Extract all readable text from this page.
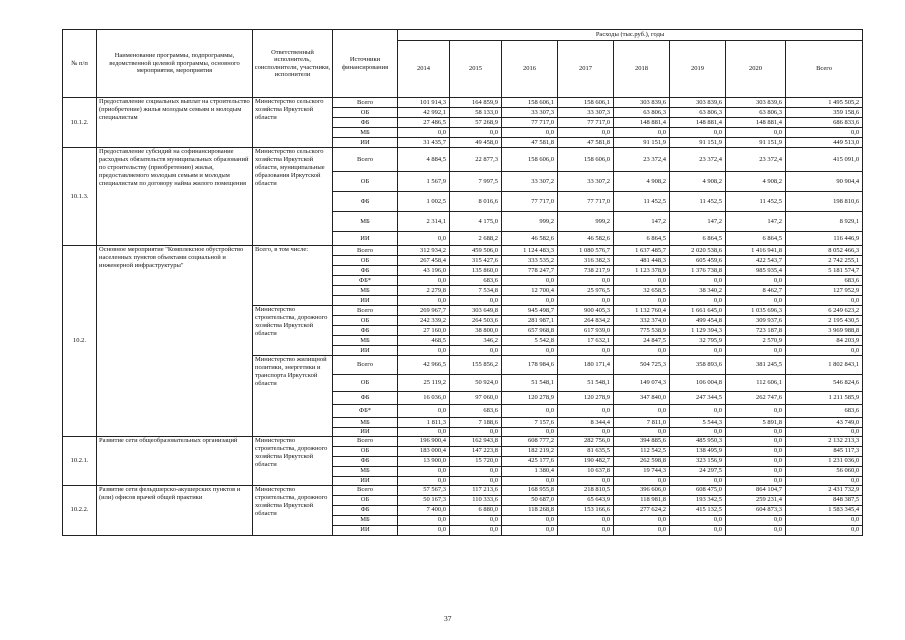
№ п/п	Наименование программы, подпрограммы, ведомственной целевой программы, основного мероприятия, мероприятия	Ответственный исполнитель, соисполнители, участники, исполнители	Источники финансирования	Расходы (тыс.руб.), годы							
				2014	2015	2016	2017	2018	2019	2020	Всего
10.1.2.	Предоставление социальных выплат на строительство (приобретение) жилья молодым семьям и молодым специалистам	Министерство сельского хозяйства Иркутской области	Всего	101 914,3	164 859,9	158 606,1	158 606,1	303 839,6	303 839,6	303 839,6	1 495 505,2
			ОБ	42 992,1	58 133,0	33 307,3	33 307,3	63 806,3	63 806,3	63 806,3	359 158,6
			ФБ	27 486,5	57 268,9	77 717,0	77 717,0	148 881,4	148 881,4	148 881,4	686 833,6
			МБ	0,0	0,0	0,0	0,0	0,0	0,0	0,0	0,0
			ИИ	31 435,7	49 458,0	47 581,8	47 581,8	91 151,9	91 151,9	91 151,9	449 513,0
10.1.3.	Предоставление субсидий на софинансирование расходных обязательств муниципальных образований по строительству (приобретению) жилья, предоставляемого молодым семьям и молодым специалистам по договору найма жилого помещения	Министерство сельского хозяйства Иркутской области, муниципальные образования Иркутской области	Всего	4 884,5	22 877,3	158 606,0	158 606,0	23 372,4	23 372,4	23 372,4	415 091,0
			ОБ	1 567,9	7 997,5	33 307,2	33 307,2	4 908,2	4 908,2	4 908,2	90 904,4
			ФБ	1 002,5	8 016,6	77 717,0	77 717,0	11 452,5	11 452,5	11 452,5	198 810,6
			МБ	2 314,1	4 175,0	999,2	999,2	147,2	147,2	147,2	8 929,1
			ИИ	0,0	2 688,2	46 582,6	46 582,6	6 864,5	6 864,5	6 864,5	116 446,9
10.2.	Основное мероприятие "Комплексное обустройство населенных пунктов объектами социальной и инженерной инфраструктуры"	Всего, в том числе:	Всего	312 934,2	459 506,0	1 124 483,3	1 080 576,7	1 637 485,7	2 020 538,6	1 416 941,8	8 052 466,3
			ОБ	267 458,4	315 427,6	333 535,2	316 382,3	481 448,3	605 459,6	422 543,7	2 742 255,1
			ФБ	43 196,0	135 860,0	778 247,7	738 217,9	1 123 378,9	1 376 738,8	985 935,4	5 181 574,7
			ФБ*	0,0	683,6	0,0	0,0	0,0	0,0	0,0	683,6
			МБ	2 279,8	7 534,8	12 700,4	25 976,5	32 658,5	38 340,2	8 462,7	127 952,9
			ИИ	0,0	0,0	0,0	0,0	0,0	0,0	0,0	0,0
		Министерство строительства, дорожного хозяйства Иркутской области	Всего	269 967,7	303 649,8	945 498,7	900 405,3	1 132 760,4	1 661 645,0	1 035 696,3	6 249 623,2
			ОБ	242 339,2	264 503,6	281 987,1	264 834,2	332 374,0	499 454,8	309 937,6	2 195 430,5
			ФБ	27 160,0	38 800,0	657 968,8	617 939,0	775 538,9	1 129 394,3	723 187,8	3 969 988,8
			МБ	468,5	346,2	5 542,8	17 632,1	24 847,5	32 795,9	2 570,9	84 203,9
			ИИ	0,0	0,0	0,0	0,0	0,0	0,0	0,0	0,0
		Министерство жилищной политики, энергетики и транспорта Иркутской области	Всего	42 966,5	155 856,2	178 984,6	180 171,4	504 725,3	358 893,6	381 245,5	1 802 843,1
			ОБ	25 119,2	50 924,0	51 548,1	51 548,1	149 074,3	106 004,8	112 606,1	546 824,6
			ФБ	16 036,0	97 060,0	120 278,9	120 278,9	347 840,0	247 344,5	262 747,6	1 211 585,9
			ФБ*	0,0	683,6	0,0	0,0	0,0	0,0	0,0	683,6
			МБ	1 811,3	7 188,6	7 157,6	8 344,4	7 811,0	5 544,3	5 891,8	43 749,0
			ИИ	0,0	0,0	0,0	0,0	0,0	0,0	0,0	0,0
10.2.1.	Развитие сети общеобразовательных организаций	Министерство строительства, дорожного хозяйства Иркутской области	Всего	196 900,4	162 943,8	608 777,2	282 756,0	394 885,6	485 950,3	0,0	2 132 213,3
			ОБ	183 000,4	147 223,8	182 219,2	81 635,5	112 542,5	138 495,9	0,0	845 117,3
			ФБ	13 900,0	15 720,0	425 177,6	190 482,7	262 598,8	323 156,9	0,0	1 231 036,0
			МБ	0,0	0,0	1 380,4	10 637,8	19 744,3	24 297,5	0,0	56 060,0
			ИИ	0,0	0,0	0,0	0,0	0,0	0,0	0,0	0,0
10.2.2.	Развитие сети фельдшерско-акушерских пунктов и (или) офисов врачей общей практики	Министерство строительства, дорожного хозяйства Иркутской области	Всего	57 567,3	117 213,6	168 955,8	218 810,5	396 606,0	608 475,0	864 104,7	2 431 732,9
			ОБ	50 167,3	110 333,6	50 687,0	65 643,9	118 981,8	193 342,5	259 231,4	848 387,5
			ФБ	7 400,0	6 880,0	118 268,8	153 166,6	277 624,2	415 132,5	604 873,3	1 583 345,4
			МБ	0,0	0,0	0,0	0,0	0,0	0,0	0,0	0,0
			ИИ	0,0	0,0	0,0	0,0	0,0	0,0	0,0	0,0
37
